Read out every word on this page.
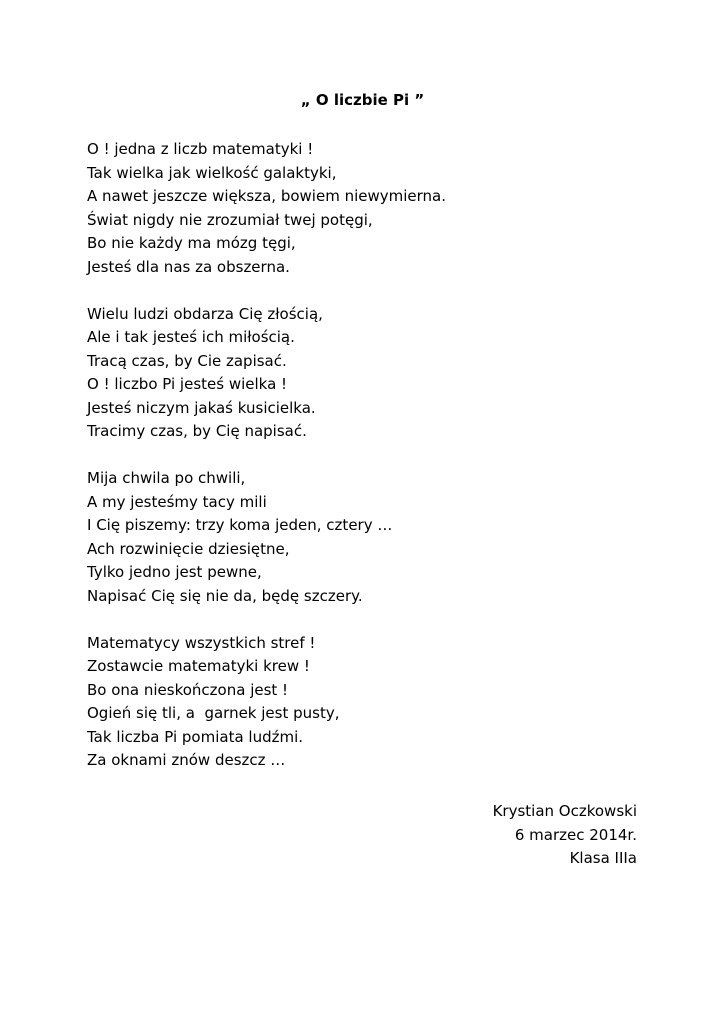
„ O liczbie Pi ”
O ! jedna z liczb matematyki !
Tak wielka jak wielkość galaktyki,
A nawet jeszcze większa, bowiem niewymierna.
Świat nigdy nie zrozumiał twej potęgi,
Bo nie każdy ma mózg tęgi,
Jesteś dla nas za obszerna.
Wielu ludzi obdarza Cię złością,
Ale i tak jesteś ich miłością.
Tracą czas, by Cie zapisać.
O ! liczbo Pi jesteś wielka !
Jesteś niczym jakaś kusicielka.
Tracimy czas, by Cię napisać.
Mija chwila po chwili,
A my jesteśmy tacy mili
I Cię piszemy: trzy koma jeden, cztery …
Ach rozwinięcie dziesiętne,
Tylko jedno jest pewne,
Napisać Cię się nie da, będę szczery.
Matematycy wszystkich stref !
Zostawcie matematyki krew !
Bo ona nieskończona jest !
Ogień się tli, a  garnek jest pusty,
Tak liczba Pi pomiata ludźmi.
Za oknami znów deszcz …
Krystian Oczkowski
6 marzec 2014r.
Klasa IIIa
